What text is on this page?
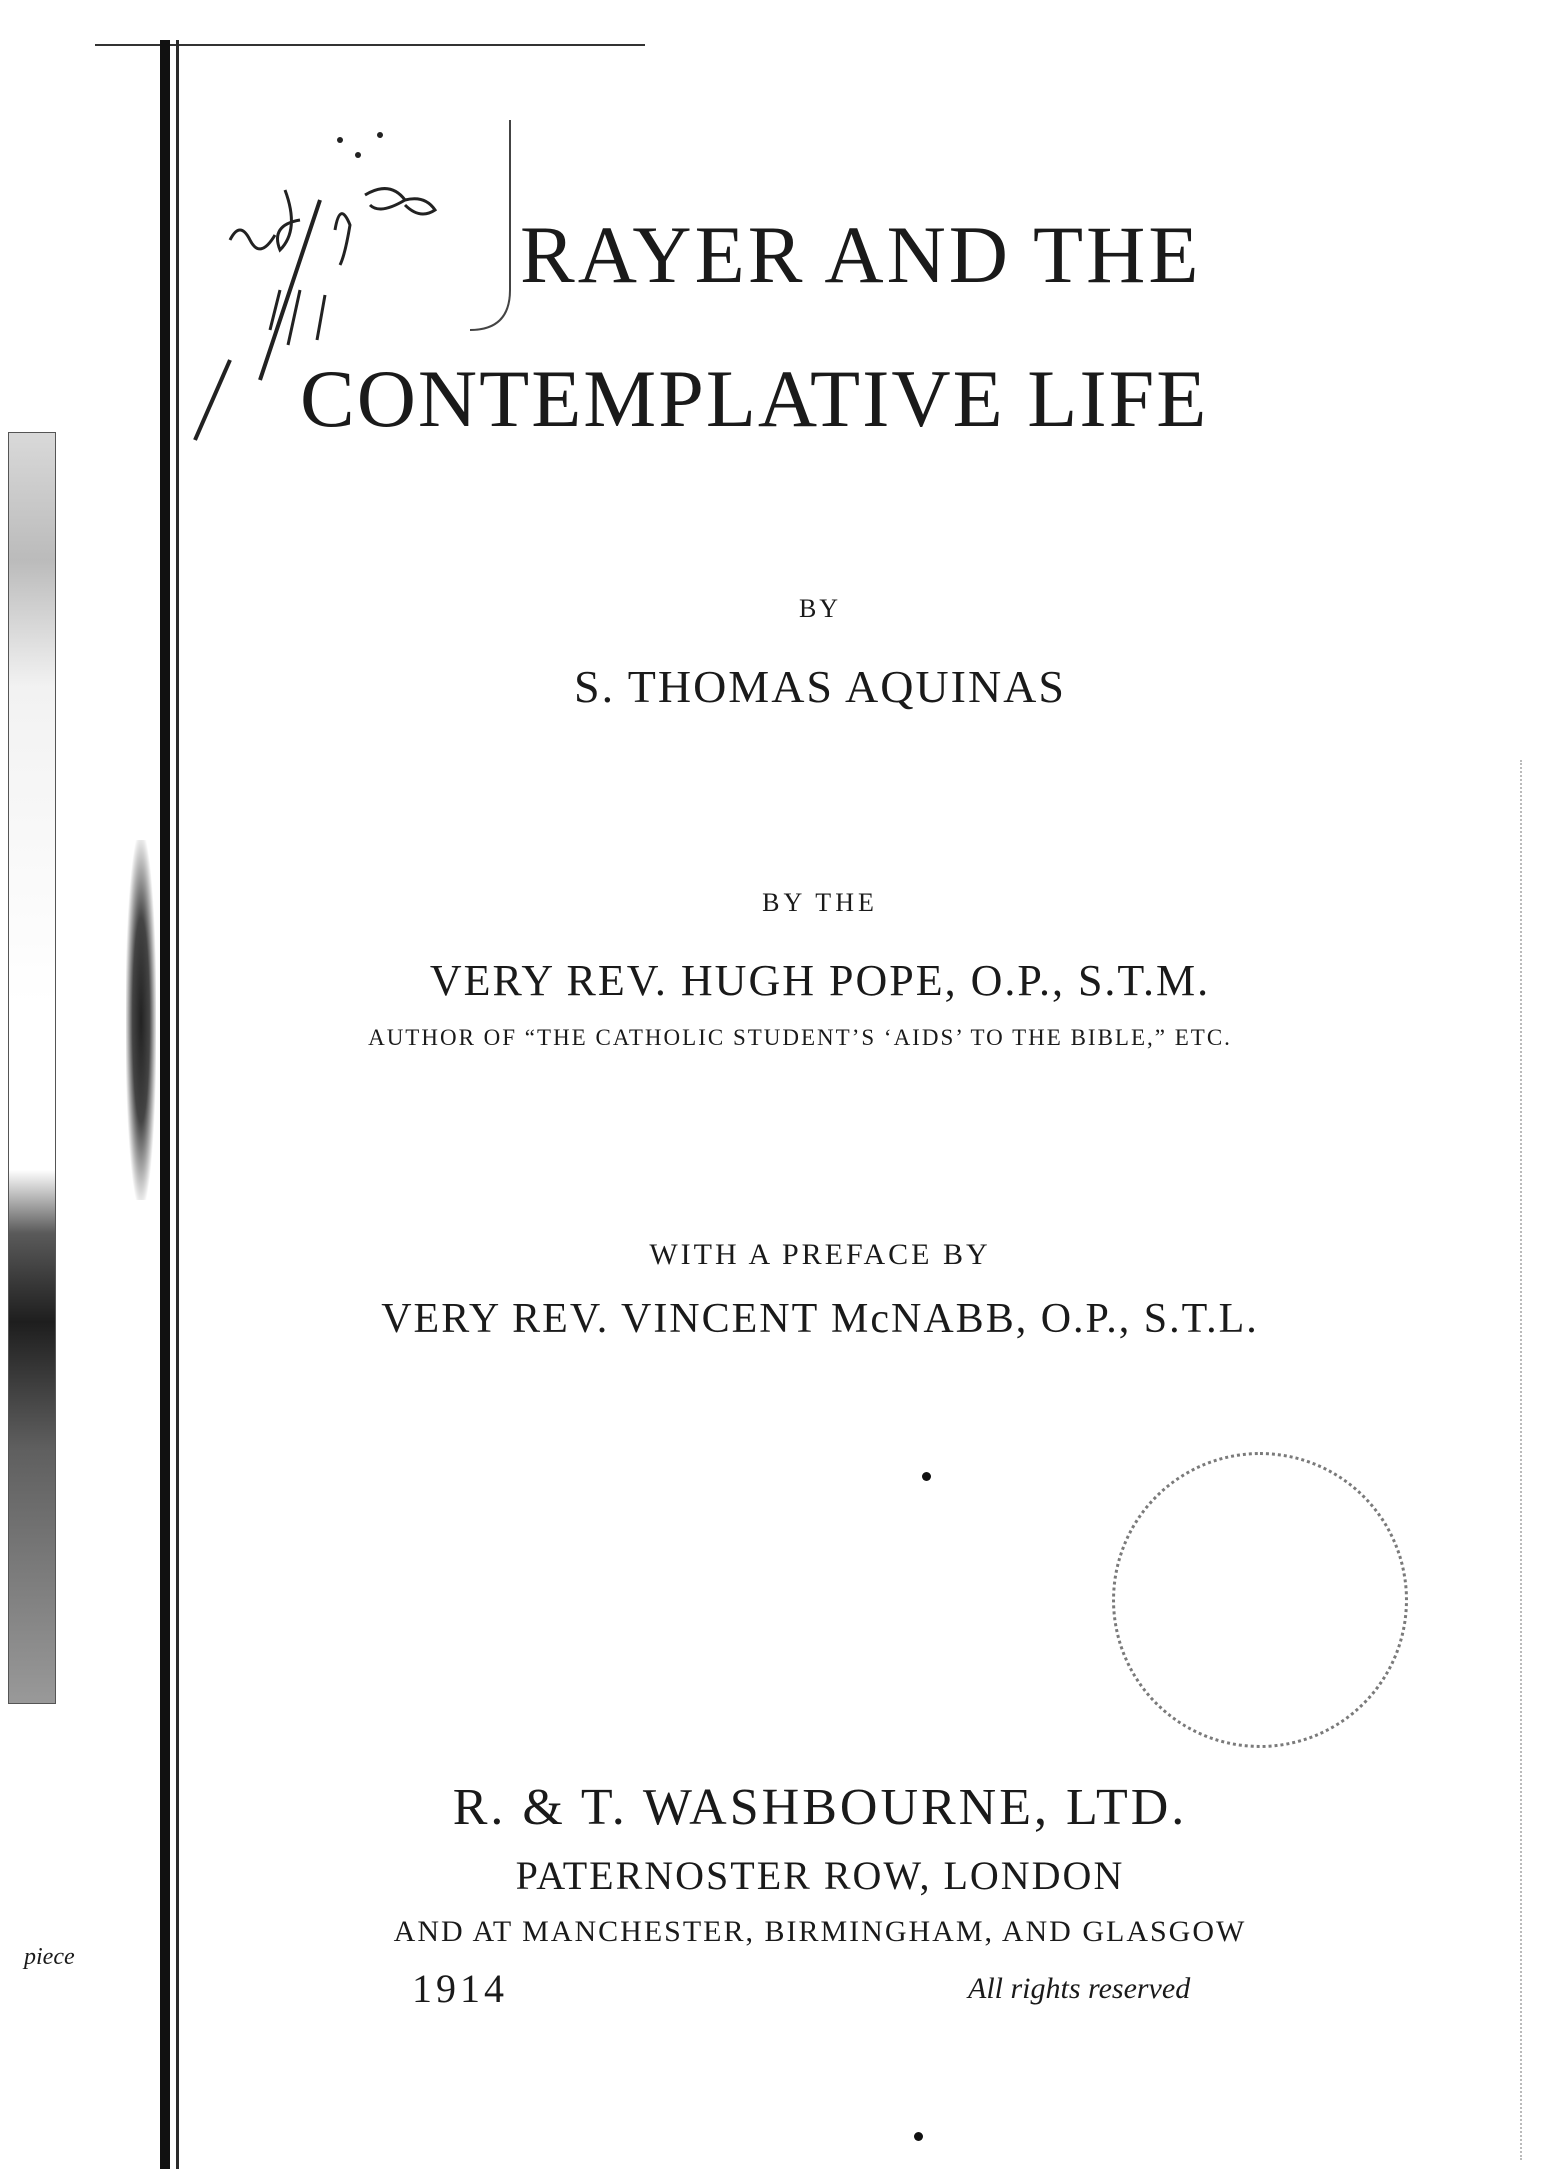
RAYER AND THE
CONTEMPLATIVE LIFE
BY
S. THOMAS AQUINAS
BY THE
VERY REV. HUGH POPE, O.P., S.T.M.
AUTHOR OF “THE CATHOLIC STUDENT’S ‘AIDS’ TO THE BIBLE,” ETC.
WITH A PREFACE BY
VERY REV. VINCENT McNABB, O.P., S.T.L.
R. & T. WASHBOURNE, LTD.
PATERNOSTER ROW, LONDON
AND AT MANCHESTER, BIRMINGHAM, AND GLASGOW
1914	All rights reserved
piece
